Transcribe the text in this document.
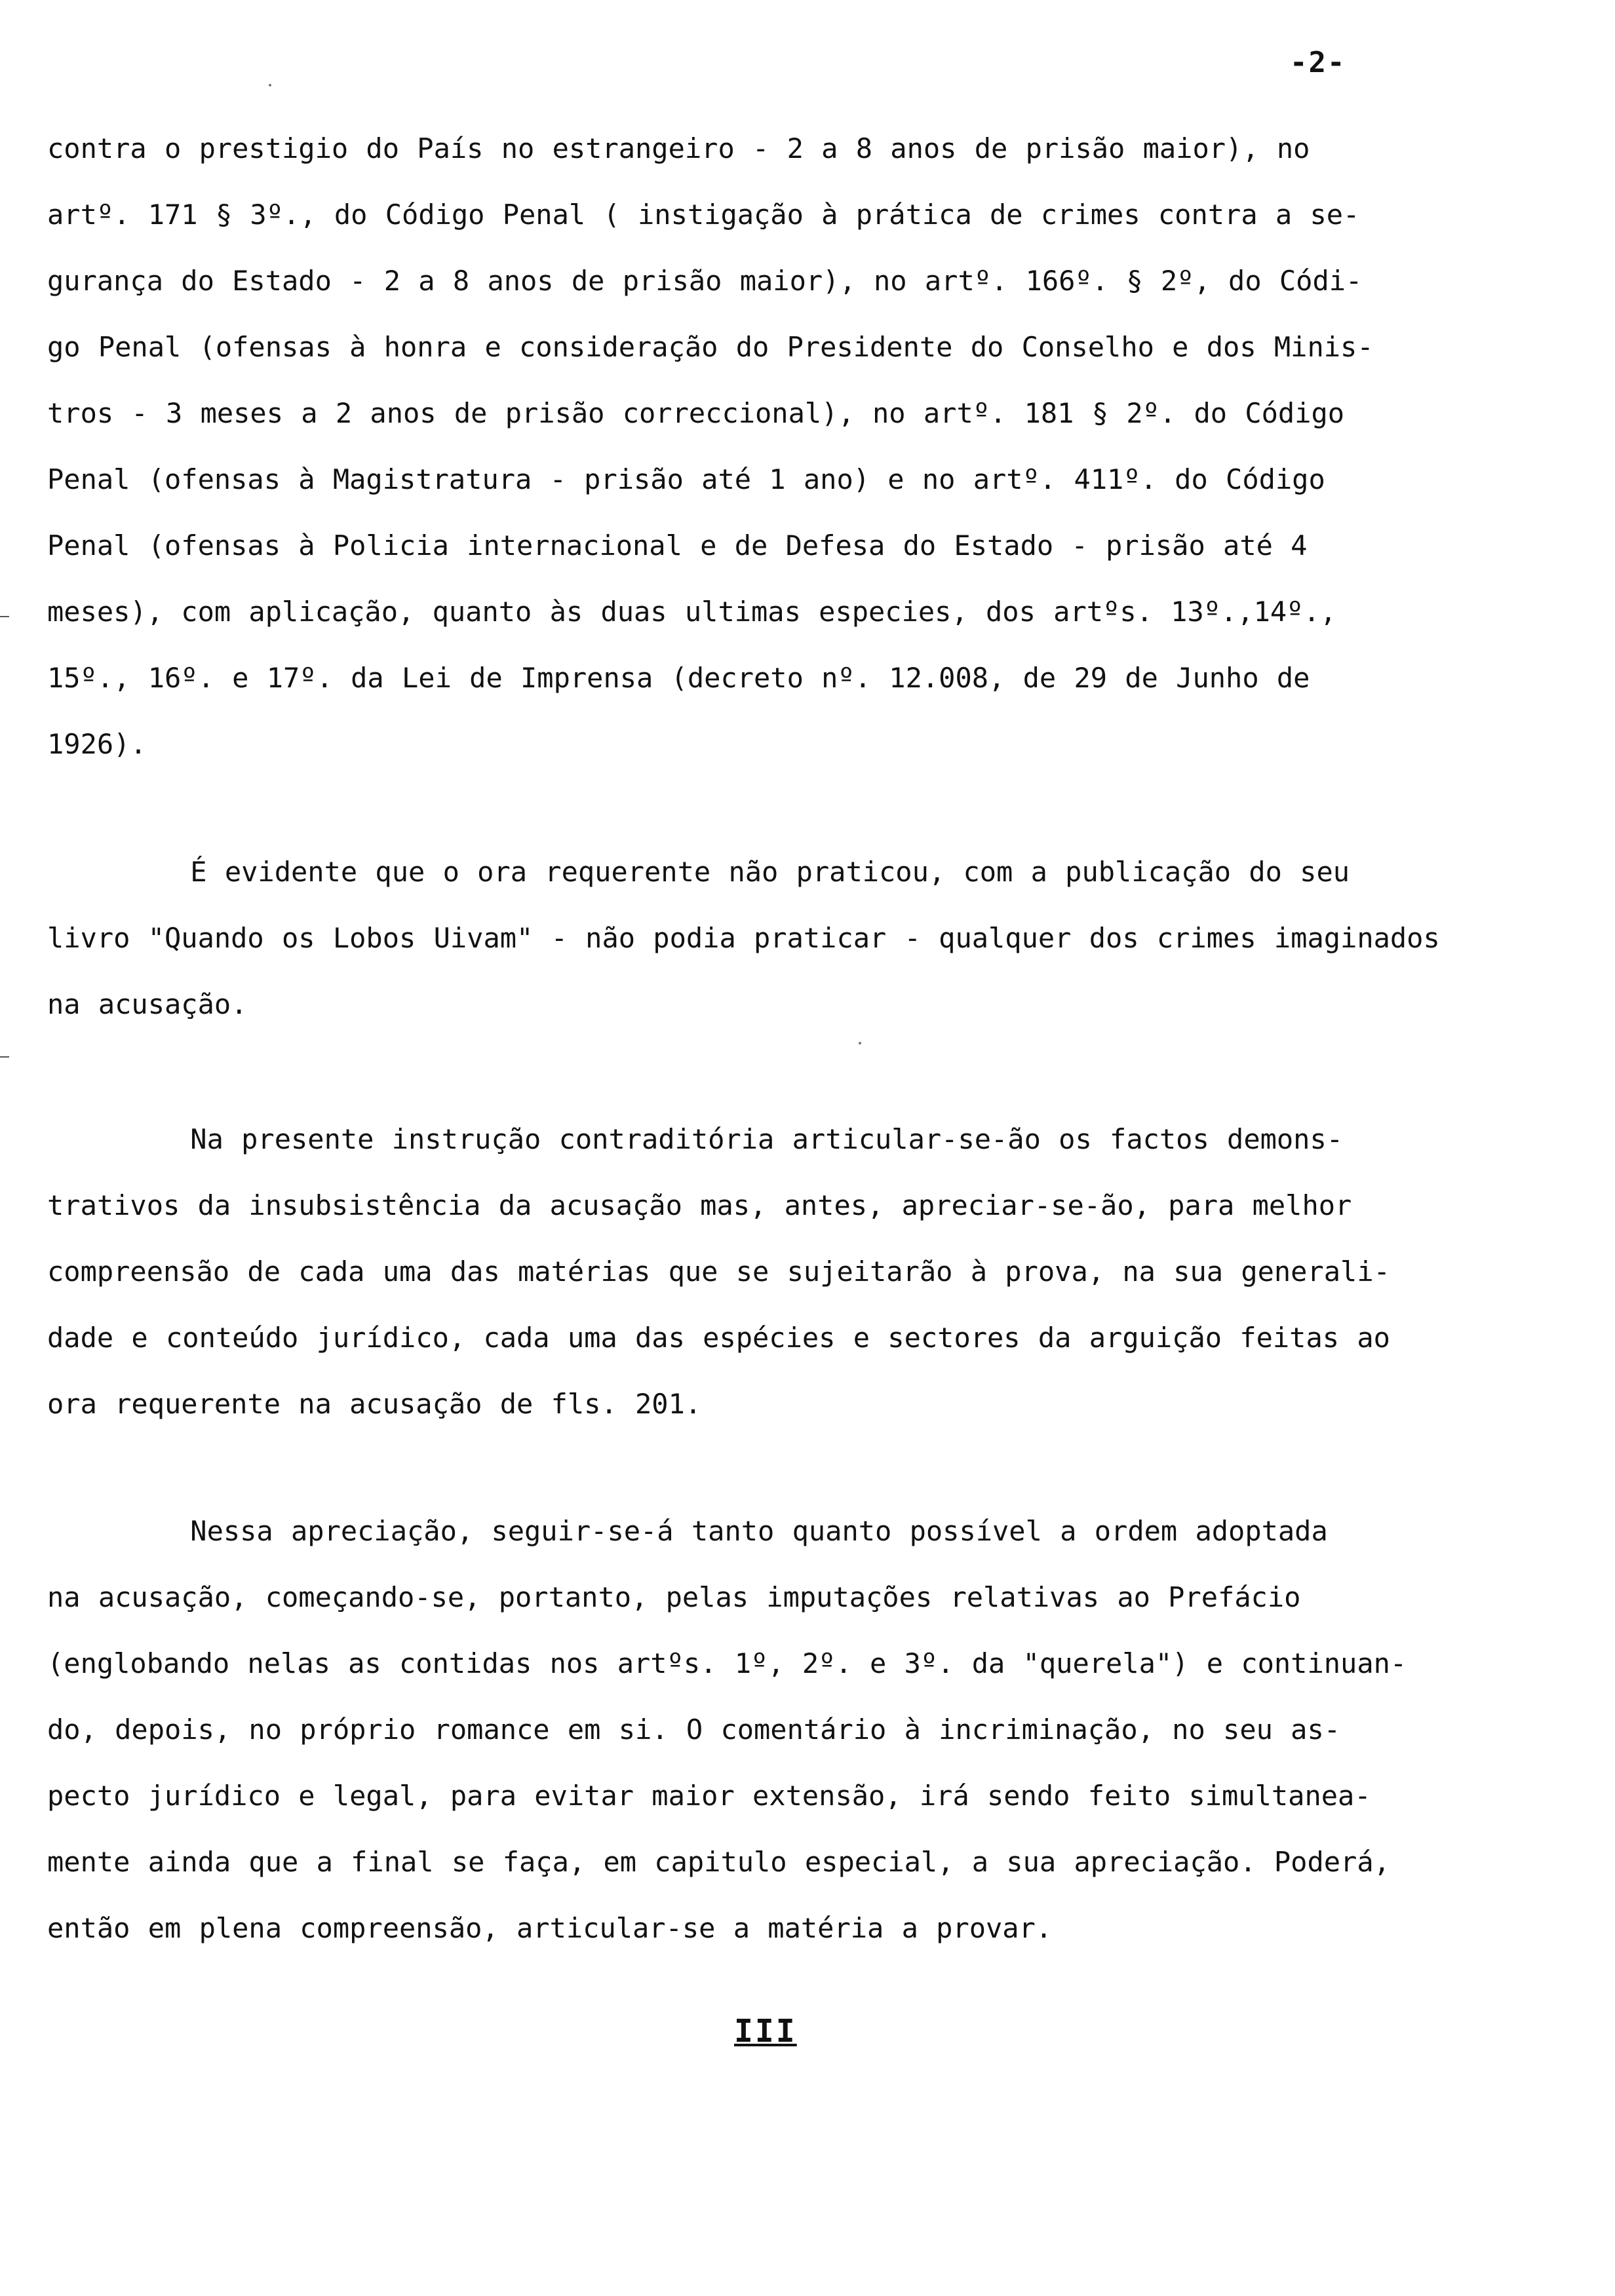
-2-
contra o prestigio do País no estrangeiro - 2 a 8 anos de prisão maior), no
artº. 171 § 3º., do Código Penal ( instigação à prática de crimes contra a se-
gurança do Estado - 2 a 8 anos de prisão maior), no artº. 166º. § 2º, do Códi-
go Penal (ofensas à honra e consideração do Presidente do Conselho e dos Minis-
tros - 3 meses a 2 anos de prisão correccional), no artº. 181 § 2º. do Código
Penal (ofensas à Magistratura - prisão até 1 ano) e no artº. 411º. do Código
Penal (ofensas à Policia internacional e de Defesa do Estado - prisão até 4
meses), com aplicação, quanto às duas ultimas especies, dos artºs. 13º.,14º.,
15º., 16º. e 17º. da Lei de Imprensa (decreto nº. 12.008, de 29 de Junho de
1926).
É evidente que o ora requerente não praticou, com a publicação do seu
livro "Quando os Lobos Uivam" - não podia praticar - qualquer dos crimes imaginados
na acusação.
Na presente instrução contraditória articular-se-ão os factos demons-
trativos da insubsistência da acusação mas, antes, apreciar-se-ão, para melhor
compreensão de cada uma das matérias que se sujeitarão à prova, na sua generali-
dade e conteúdo jurídico, cada uma das espécies e sectores da arguição feitas ao
ora requerente na acusação de fls. 201.
Nessa apreciação, seguir-se-á tanto quanto possível a ordem adoptada
na acusação, começando-se, portanto, pelas imputações relativas ao Prefácio
(englobando nelas as contidas nos artºs. 1º, 2º. e 3º. da "querela") e continuan-
do, depois, no próprio romance em si. O comentário à incriminação, no seu as-
pecto jurídico e legal, para evitar maior extensão, irá sendo feito simultanea-
mente ainda que a final se faça, em capitulo especial, a sua apreciação. Poderá,
então em plena compreensão, articular-se a matéria a provar.
III
